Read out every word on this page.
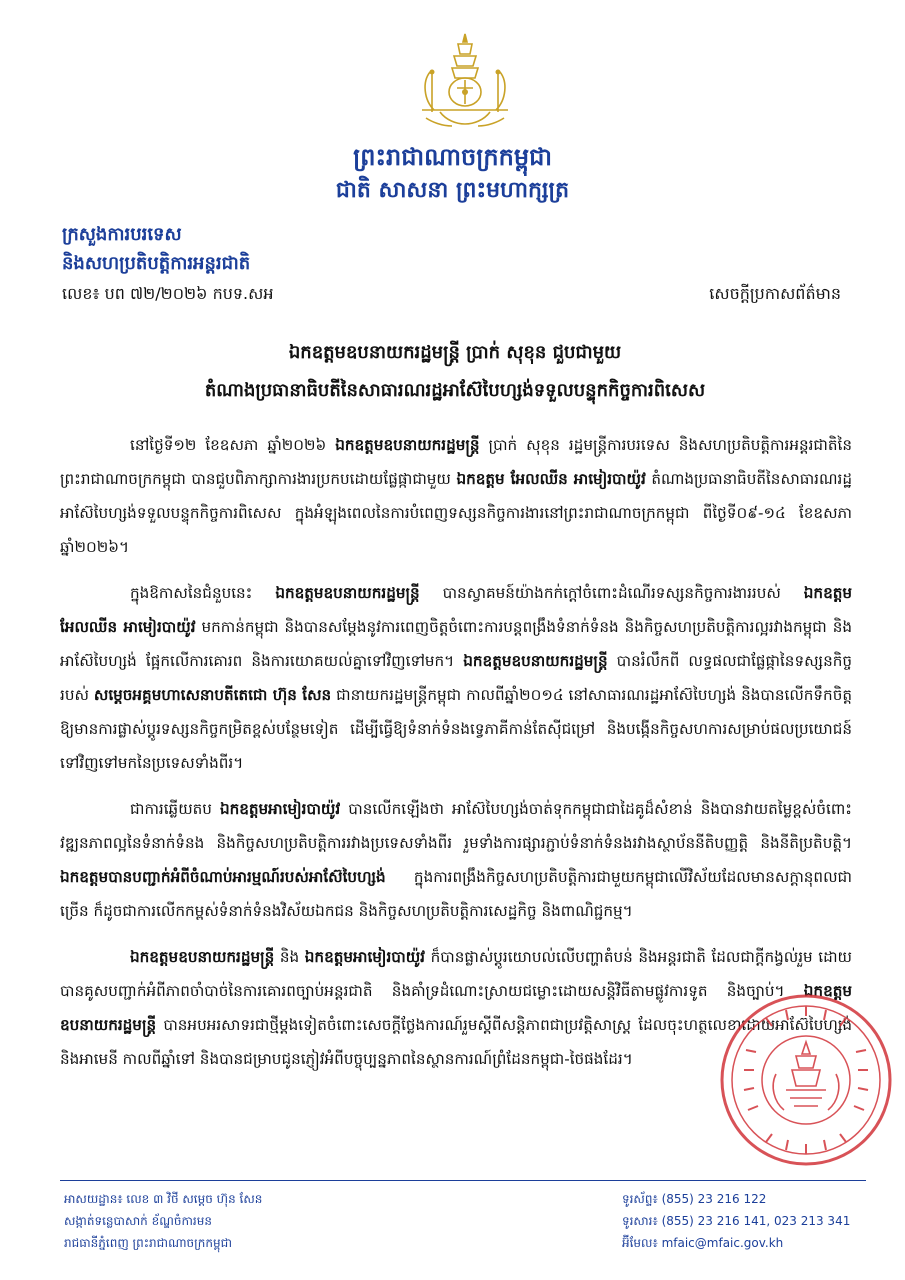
ព្រះរាជាណាចក្រកម្ពុជា
ជាតិ សាសនា ព្រះមហាក្សត្រ
ក្រសួងការបរទេស
និងសហប្រតិបត្តិការអន្តរជាតិ
លេខ៖ បព ៧២/២០២៦ កបទ.សអ	សេចក្តីប្រកាសព័ត៌មាន
ឯកឧត្តមឧបនាយករដ្ឋមន្ត្រី ប្រាក់ សុខុន ជួបជាមួយ
តំណាងប្រធានាធិបតីនៃសាធារណរដ្ឋអាស៊ែបៃហ្សង់ទទួលបន្ទុកកិច្ចការពិសេស

នៅថ្ងៃទី១២ ខែឧសភា ឆ្នាំ២០២៦ ឯកឧត្តមឧបនាយករដ្ឋមន្ត្រី ប្រាក់ សុខុន រដ្ឋមន្ត្រីការបរទេស និងសហប្រតិបត្តិការអន្តរជាតិនៃព្រះរាជាណាចក្រកម្ពុជា បានជួបពិភាក្សាការងារប្រកបដោយផ្លែផ្កាជាមួយ ឯកឧត្តម អែលឈីន អាមៀរបាយ៉ូវ តំណាងប្រធានាធិបតីនៃសាធារណរដ្ឋអាស៊ែបៃហ្សង់ទទួលបន្ទុកកិច្ចការពិសេស ក្នុងអំឡុងពេលនៃការបំពេញទស្សនកិច្ចការងារនៅព្រះរាជាណាចក្រកម្ពុជា ពីថ្ងៃទី០៩-១៤ ខែឧសភា ឆ្នាំ២០២៦។

ក្នុងឱកាសនៃជំនួបនេះ ឯកឧត្តមឧបនាយករដ្ឋមន្ត្រី បានស្វាគមន៍យ៉ាងកក់ក្តៅចំពោះដំណើរទស្សនកិច្ចការងាររបស់ ឯកឧត្តម អែលឈីន អាមៀរបាយ៉ូវ មកកាន់កម្ពុជា និងបានសម្តែងនូវការពេញចិត្តចំពោះការបន្តពង្រឹងទំនាក់ទំនង និងកិច្ចសហប្រតិបត្តិការល្អរវាងកម្ពុជា និងអាស៊ែបៃហ្សង់ ផ្អែកលើការគោរព និងការយោគយល់គ្នាទៅវិញទៅមក។ ឯកឧត្តមឧបនាយករដ្ឋមន្ត្រី បានរំលឹកពី លទ្ធផលជាផ្លែផ្កានៃទស្សនកិច្ចរបស់ សម្តេចអគ្គមហាសេនាបតីតេជោ ហ៊ុន សែន ជានាយករដ្ឋមន្ត្រីកម្ពុជា កាលពីឆ្នាំ២០១៤ នៅសាធារណរដ្ឋអាស៊ែបៃហ្សង់ និងបានលើកទឹកចិត្តឱ្យមានការផ្លាស់ប្តូរទស្សនកិច្ចកម្រិតខ្ពស់បន្ថែមទៀត ដើម្បីធ្វើឱ្យទំនាក់ទំនងទ្វេភាគីកាន់តែស៊ីជម្រៅ និងបង្កើនកិច្ចសហការសម្រាប់ផលប្រយោជន៍ ទៅវិញទៅមកនៃប្រទេសទាំងពីរ។

ជាការឆ្លើយតប ឯកឧត្តមអាមៀរបាយ៉ូវ បានលើកឡើងថា អាស៊ែបៃហ្សង់ចាត់ទុកកម្ពុជាជាដៃគូដ៏សំខាន់ និងបានវាយតម្លៃខ្ពស់ចំពោះវឌ្ឍនភាពល្អនៃទំនាក់ទំនង និងកិច្ចសហប្រតិបត្តិការរវាងប្រទេសទាំងពីរ រួមទាំងការផ្សារភ្ជាប់ទំនាក់ទំនងរវាងស្ថាប័ននីតិបញ្ញត្តិ និងនីតិប្រតិបត្តិ។ ឯកឧត្តមបានបញ្ជាក់អំពីចំណាប់អារម្មណ៍របស់អាស៊ែបៃហ្សង់ ក្នុងការពង្រឹងកិច្ចសហប្រតិបត្តិការជាមួយកម្ពុជាលើវិស័យដែលមានសក្តានុពលជាច្រើន ក៏ដូចជាការលើកកម្ពស់ទំនាក់ទំនងវិស័យឯកជន និងកិច្ចសហប្រតិបត្តិការសេដ្ឋកិច្ច និងពាណិជ្ជកម្ម។

ឯកឧត្តមឧបនាយករដ្ឋមន្ត្រី និង ឯកឧត្តមអាមៀរបាយ៉ូវ ក៏បានផ្លាស់ប្តូរយោបល់លើបញ្ហាតំបន់ និងអន្តរជាតិ ដែលជាក្តីកង្វល់រួម ដោយបានគូសបញ្ជាក់អំពីភាពចាំបាច់នៃការគោរពច្បាប់អន្តរជាតិ និងគាំទ្រដំណោះស្រាយជម្លោះដោយសន្តិវិធីតាមផ្លូវការទូត និងច្បាប់។ ឯកឧត្តមឧបនាយករដ្ឋមន្ត្រី បានអបអរសាទរជាថ្មីម្តងទៀតចំពោះសេចក្តីថ្លែងការណ៍រួមស្តីពីសន្តិភាពជាប្រវត្តិសាស្ត្រ ដែលចុះហត្ថលេខាដោយអាស៊ែបៃហ្សង់ និងអាមេនី កាលពីឆ្នាំទៅ និងបានជម្រាបជូនភ្ញៀវអំពីបច្ចុប្បន្នភាពនៃស្ថានការណ៍ព្រំដែនកម្ពុជា-ថៃផងដែរ។

អាសយដ្ឋាន៖ លេខ ៣ វិថី សម្តេច ហ៊ុន សែន
សង្កាត់ទន្លេបាសាក់ ខ័ណ្ឌចំការមន
រាជធានីភ្នំពេញ ព្រះរាជាណាចក្រកម្ពុជា
ទូរស័ព្ទ៖ (855) 23 216 122
ទូរសារ៖ (855) 23 216 141, 023 213 341
អ៊ីមែល៖ mfaic@mfaic.gov.kh
